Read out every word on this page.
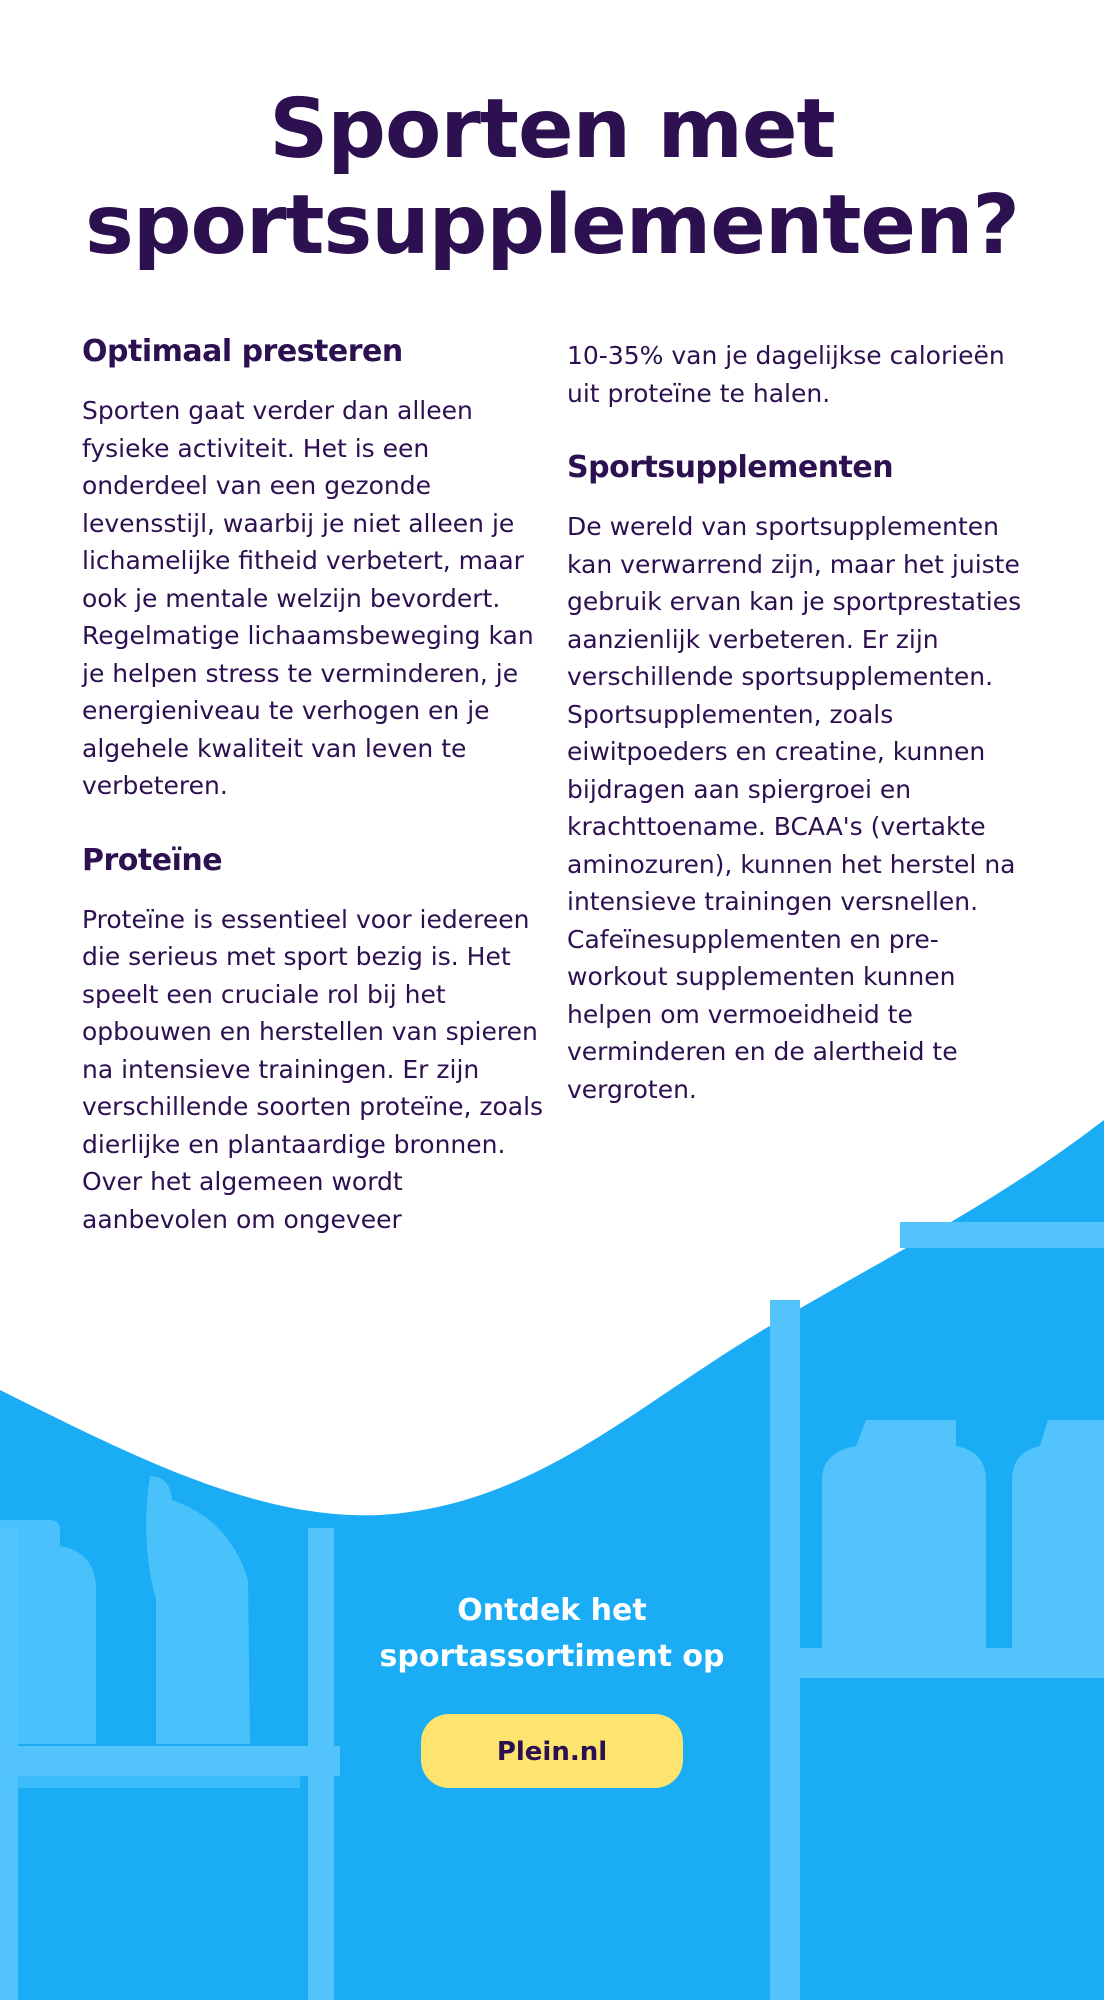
Sporten met
sportsupplementen?
Optimaal presteren

Sporten gaat verder dan alleen fysieke activiteit. Het is een onderdeel van een gezonde levensstijl, waarbij je niet alleen je lichamelijke fitheid verbetert, maar ook je mentale welzijn bevordert. Regelmatige lichaamsbeweging kan je helpen stress te verminderen, je energieniveau te verhogen en je algehele kwaliteit van leven te verbeteren.

Proteïne

Proteïne is essentieel voor iedereen die serieus met sport bezig is. Het speelt een cruciale rol bij het opbouwen en herstellen van spieren na intensieve trainingen. Er zijn verschillende soorten proteïne, zoals dierlijke en plantaardige bronnen. Over het algemeen wordt aanbevolen om ongeveer

10-35% van je dagelijkse calorieën uit proteïne te halen.

Sportsupplementen

De wereld van sportsupplementen kan verwarrend zijn, maar het juiste gebruik ervan kan je sportprestaties aanzienlijk verbeteren. Er zijn verschillende sportsupplementen. Sportsupplementen, zoals eiwitpoeders en creatine, kunnen bijdragen aan spiergroei en krachttoename. BCAA's (vertakte aminozuren), kunnen het herstel na intensieve trainingen versnellen. Cafeïnesupplementen en pre-workout supplementen kunnen helpen om vermoeidheid te verminderen en de alertheid te vergroten.

Ontdek het
sportassortiment op
Plein.nl
